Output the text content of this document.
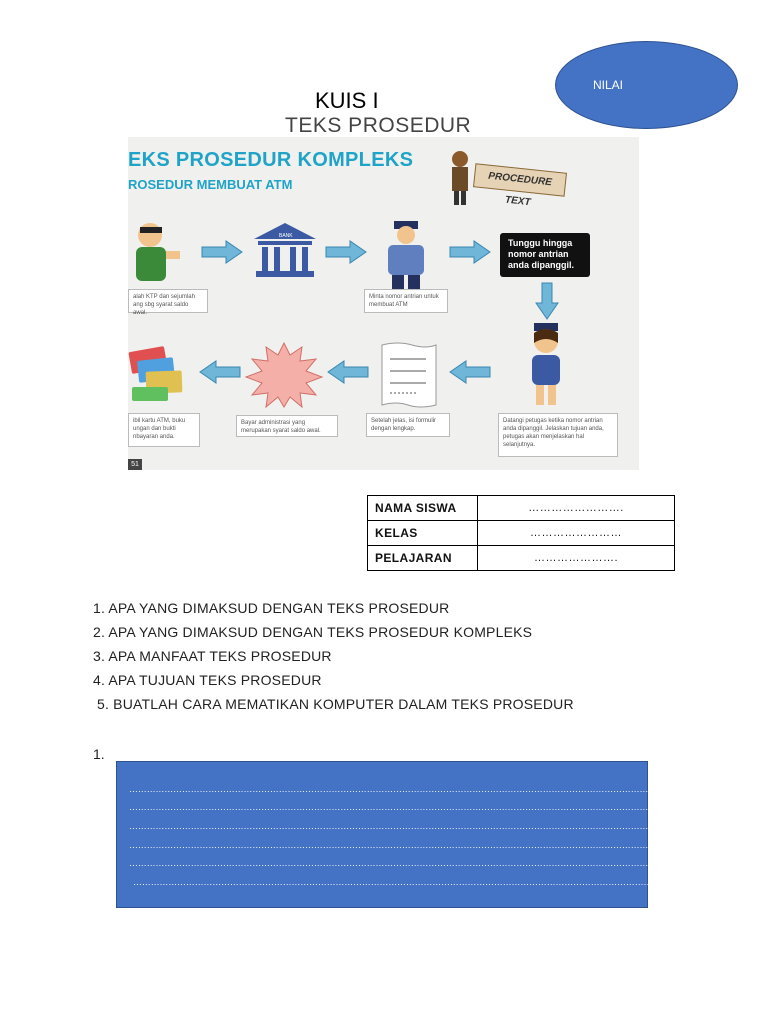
NILAI
KUIS I
TEKS PROSEDUR
EKS PROSEDUR KOMPLEKS
ROSEDUR MEMBUAT ATM	PROCEDURE TEXT
BANK
Tunggu hingga nomor antrian anda dipanggil.
alah KTP dan sejumlah ang sbg syarat saldo awal.
Minta nomor antrian untuk membuat ATM
ibil kartu ATM, buku ungan dan bukti nbayaran anda.
Bayar administrasi yang merupakan syarat saldo awal.
Setelah jelas, isi formulir dengan lengkap.
Datangi petugas ketika nomor antrian anda dipanggil. Jelaskan tujuan anda, petugas akan menjelaskan hal selanjutnya.
51
NAMA SISWA	…………………….
KELAS	……………………
PELAJARAN	………………….
1. APA YANG DIMAKSUD DENGAN TEKS PROSEDUR
2. APA YANG DIMAKSUD DENGAN TEKS PROSEDUR KOMPLEKS
3. APA MANFAAT TEKS PROSEDUR
4. APA TUJUAN TEKS PROSEDUR
5. BUATLAH CARA MEMATIKAN KOMPUTER DALAM TEKS PROSEDUR
1.
………………………………………………………………………………………………………………………………………………………………………………………
………………………………………………………………………………………………………………………………………………………………………………………
………………………………………………………………………………………………………………………………………………………………………………………
………………………………………………………………………………………………………………………………………………………………………………………
………………………………………………………………………………………………………………………………………………………………………………………
……………………………………………………………………………………………………………………………………………………………………………………
